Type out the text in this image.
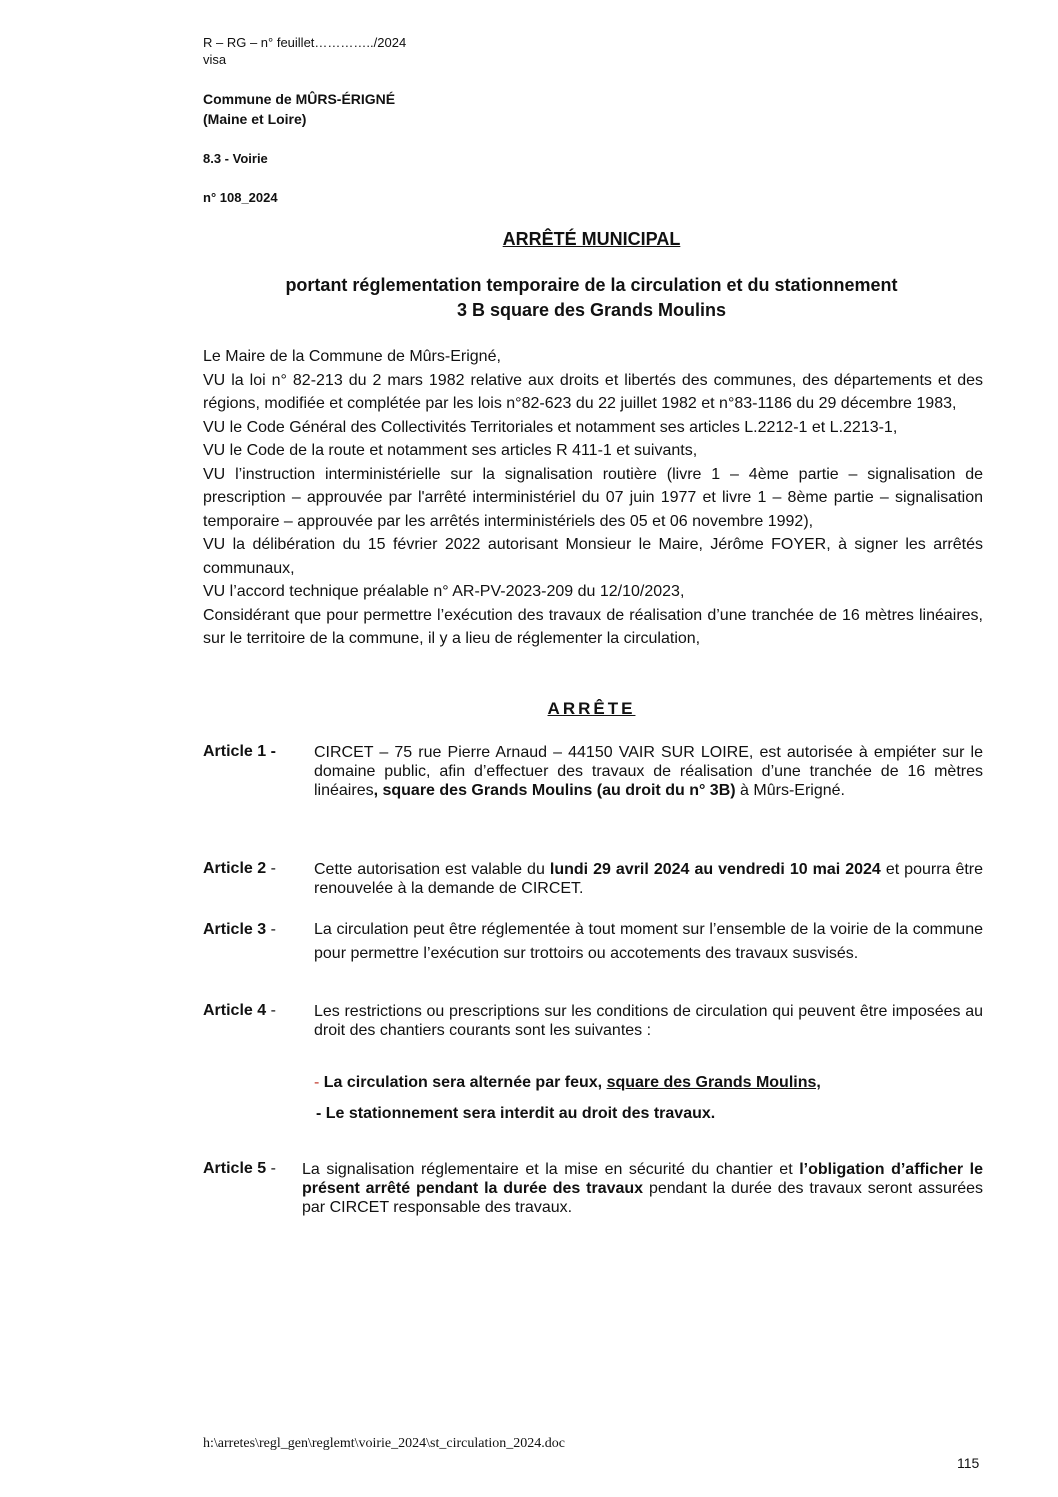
R – RG – n° feuillet…………../2024
visa
Commune de MÛRS-ÉRIGNÉ
(Maine et Loire)
8.3 - Voirie
n° 108_2024
ARRÊTÉ MUNICIPAL
portant réglementation temporaire de la circulation et du stationnement
3 B square des Grands Moulins
Le Maire de la Commune de Mûrs-Erigné,
VU la loi n° 82-213 du 2 mars 1982 relative aux droits et libertés des communes, des départements et des régions, modifiée et complétée par les lois n°82-623 du 22 juillet 1982 et n°83-1186 du 29 décembre 1983,
VU le Code Général des Collectivités Territoriales et notamment ses articles L.2212-1 et L.2213-1,
VU le Code de la route et notamment ses articles R 411-1 et suivants,
VU l’instruction interministérielle sur la signalisation routière (livre 1 – 4ème partie – signalisation de prescription – approuvée par l'arrêté interministériel du 07 juin 1977 et livre 1 – 8ème partie – signalisation temporaire – approuvée par les arrêtés interministériels des 05 et 06 novembre 1992),
VU la délibération du 15 février 2022 autorisant Monsieur le Maire, Jérôme FOYER, à signer les arrêtés communaux,
VU l’accord technique préalable n° AR-PV-2023-209 du 12/10/2023,
Considérant que pour permettre l’exécution des travaux de réalisation d’une tranchée de 16 mètres linéaires, sur le territoire de la commune, il y a lieu de réglementer la circulation,
ARRÊTE
Article 1 - CIRCET – 75 rue Pierre Arnaud – 44150 VAIR SUR LOIRE, est autorisée à empiéter sur le domaine public, afin d’effectuer des travaux de réalisation d’une tranchée de 16 mètres linéaires, square des Grands Moulins (au droit du n° 3B) à Mûrs-Erigné.
Article 2 - Cette autorisation est valable du lundi 29 avril 2024 au vendredi 10 mai 2024 et pourra être renouvelée à la demande de CIRCET.
Article 3 - La circulation peut être réglementée à tout moment sur l’ensemble de la voirie de la commune pour permettre l’exécution sur trottoirs ou accotements des travaux susvisés.
Article 4 - Les restrictions ou prescriptions sur les conditions de circulation qui peuvent être imposées au droit des chantiers courants sont les suivantes :
- La circulation sera alternée par feux, square des Grands Moulins,
- Le stationnement sera interdit au droit des travaux.
Article 5 - La signalisation réglementaire et la mise en sécurité du chantier et l’obligation d’afficher le présent arrêté pendant la durée des travaux pendant la durée des travaux seront assurées par CIRCET responsable des travaux.
h:\arretes\regl_gen\reglemt\voirie_2024\st_circulation_2024.doc
115
